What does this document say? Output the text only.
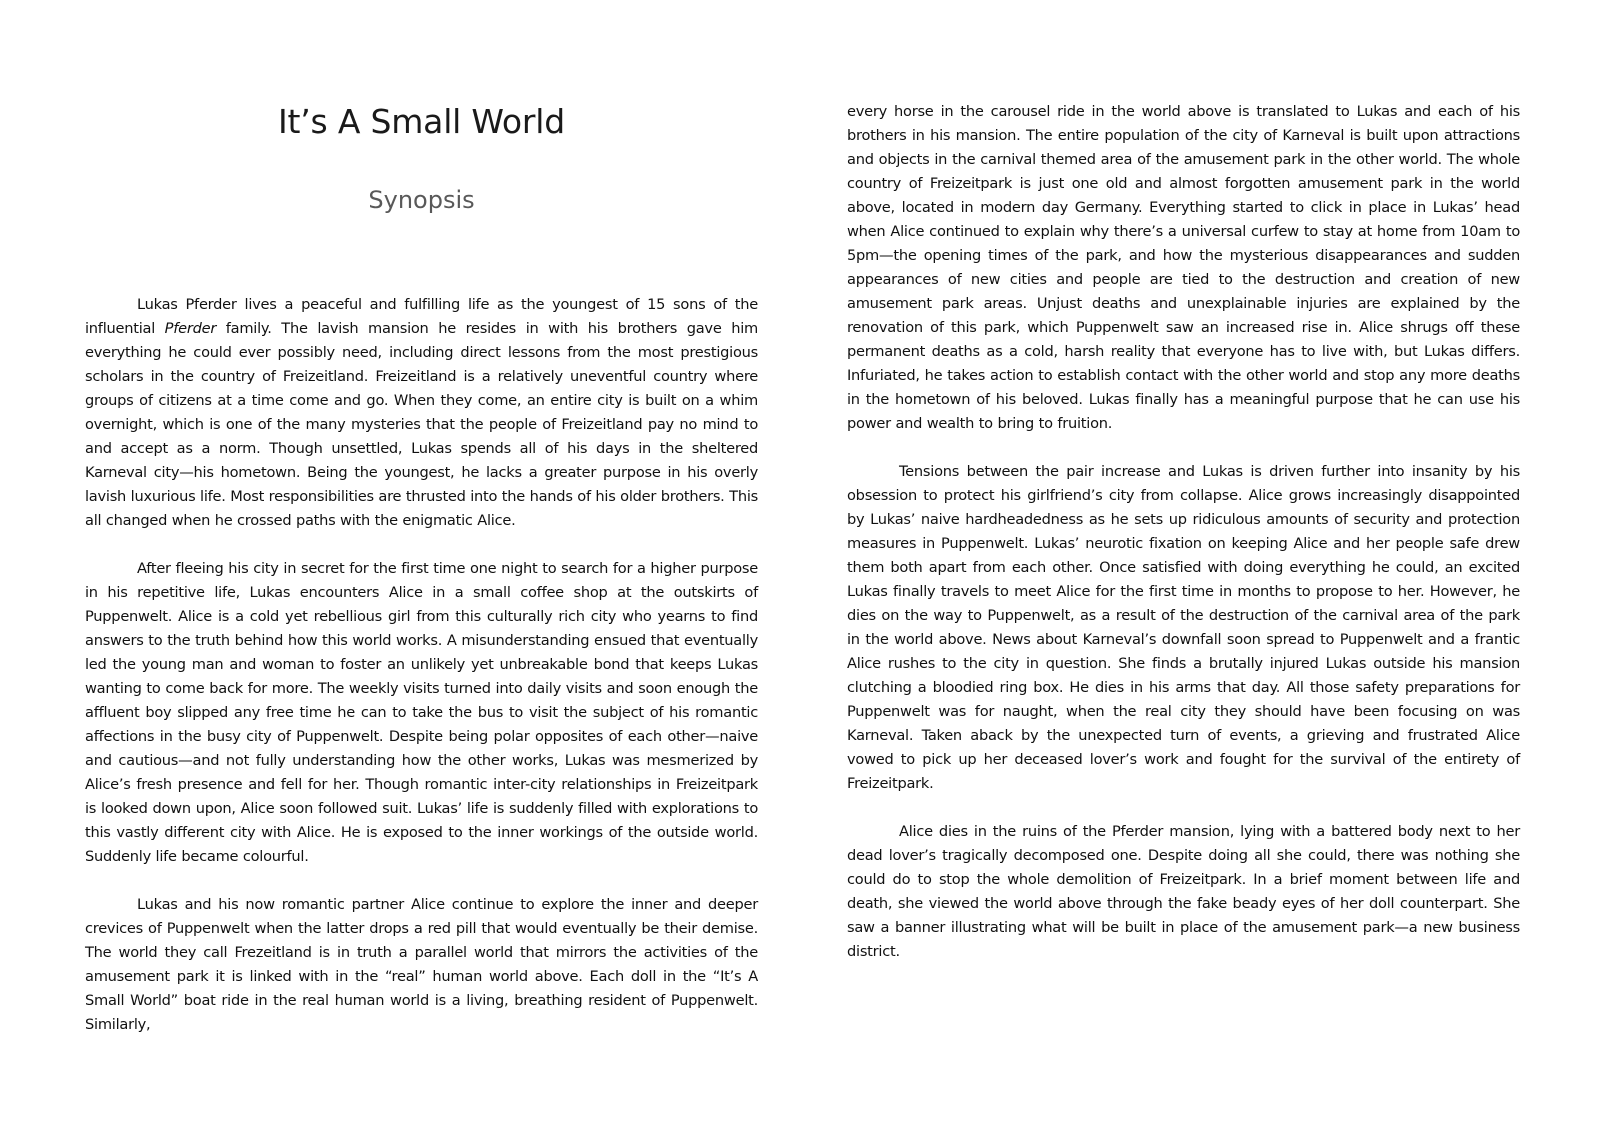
It’s A Small World
Synopsis

Lukas Pferder lives a peaceful and fulfilling life as the youngest of 15 sons of the influential Pferder family. The lavish mansion he resides in with his brothers gave him everything he could ever possibly need, including direct lessons from the most prestigious scholars in the country of Freizeitland. Freizeitland is a relatively uneventful country where groups of citizens at a time come and go. When they come, an entire city is built on a whim overnight, which is one of the many mysteries that the people of Freizeitland pay no mind to and accept as a norm. Though unsettled, Lukas spends all of his days in the sheltered Karneval city—his hometown. Being the youngest, he lacks a greater purpose in his overly lavish luxurious life. Most responsibilities are thrusted into the hands of his older brothers. This all changed when he crossed paths with the enigmatic Alice.

After fleeing his city in secret for the first time one night to search for a higher purpose in his repetitive life, Lukas encounters Alice in a small coffee shop at the outskirts of Puppenwelt. Alice is a cold yet rebellious girl from this culturally rich city who yearns to find answers to the truth behind how this world works. A misunderstanding ensued that eventually led the young man and woman to foster an unlikely yet unbreakable bond that keeps Lukas wanting to come back for more. The weekly visits turned into daily visits and soon enough the affluent boy slipped any free time he can to take the bus to visit the subject of his romantic affections in the busy city of Puppenwelt. Despite being polar opposites of each other—naive and cautious—and not fully understanding how the other works, Lukas was mesmerized by Alice’s fresh presence and fell for her. Though romantic inter-city relationships in Freizeitpark is looked down upon, Alice soon followed suit. Lukas’ life is suddenly filled with explorations to this vastly different city with Alice. He is exposed to the inner workings of the outside world. Suddenly life became colourful.

Lukas and his now romantic partner Alice continue to explore the inner and deeper crevices of Puppenwelt when the latter drops a red pill that would eventually be their demise. The world they call Frezeitland is in truth a parallel world that mirrors the activities of the amusement park it is linked with in the “real” human world above. Each doll in the “It’s A Small World” boat ride in the real human world is a living, breathing resident of Puppenwelt. Similarly,

every horse in the carousel ride in the world above is translated to Lukas and each of his brothers in his mansion. The entire population of the city of Karneval is built upon attractions and objects in the carnival themed area of the amusement park in the other world. The whole country of Freizeitpark is just one old and almost forgotten amusement park in the world above, located in modern day Germany. Everything started to click in place in Lukas’ head when Alice continued to explain why there’s a universal curfew to stay at home from 10am to 5pm—the opening times of the park, and how the mysterious disappearances and sudden appearances of new cities and people are tied to the destruction and creation of new amusement park areas. Unjust deaths and unexplainable injuries are explained by the renovation of this park, which Puppenwelt saw an increased rise in. Alice shrugs off these permanent deaths as a cold, harsh reality that everyone has to live with, but Lukas differs. Infuriated, he takes action to establish contact with the other world and stop any more deaths in the hometown of his beloved. Lukas finally has a meaningful purpose that he can use his power and wealth to bring to fruition.

Tensions between the pair increase and Lukas is driven further into insanity by his obsession to protect his girlfriend’s city from collapse. Alice grows increasingly disappointed by Lukas’ naive hardheadedness as he sets up ridiculous amounts of security and protection measures in Puppenwelt. Lukas’ neurotic fixation on keeping Alice and her people safe drew them both apart from each other. Once satisfied with doing everything he could, an excited Lukas finally travels to meet Alice for the first time in months to propose to her. However, he dies on the way to Puppenwelt, as a result of the destruction of the carnival area of the park in the world above. News about Karneval’s downfall soon spread to Puppenwelt and a frantic Alice rushes to the city in question. She finds a brutally injured Lukas outside his mansion clutching a bloodied ring box. He dies in his arms that day. All those safety preparations for Puppenwelt was for naught, when the real city they should have been focusing on was Karneval. Taken aback by the unexpected turn of events, a grieving and frustrated Alice vowed to pick up her deceased lover’s work and fought for the survival of the entirety of Freizeitpark.

Alice dies in the ruins of the Pferder mansion, lying with a battered body next to her dead lover’s tragically decomposed one. Despite doing all she could, there was nothing she could do to stop the whole demolition of Freizeitpark. In a brief moment between life and death, she viewed the world above through the fake beady eyes of her doll counterpart. She saw a banner illustrating what will be built in place of the amusement park—a new business district.
